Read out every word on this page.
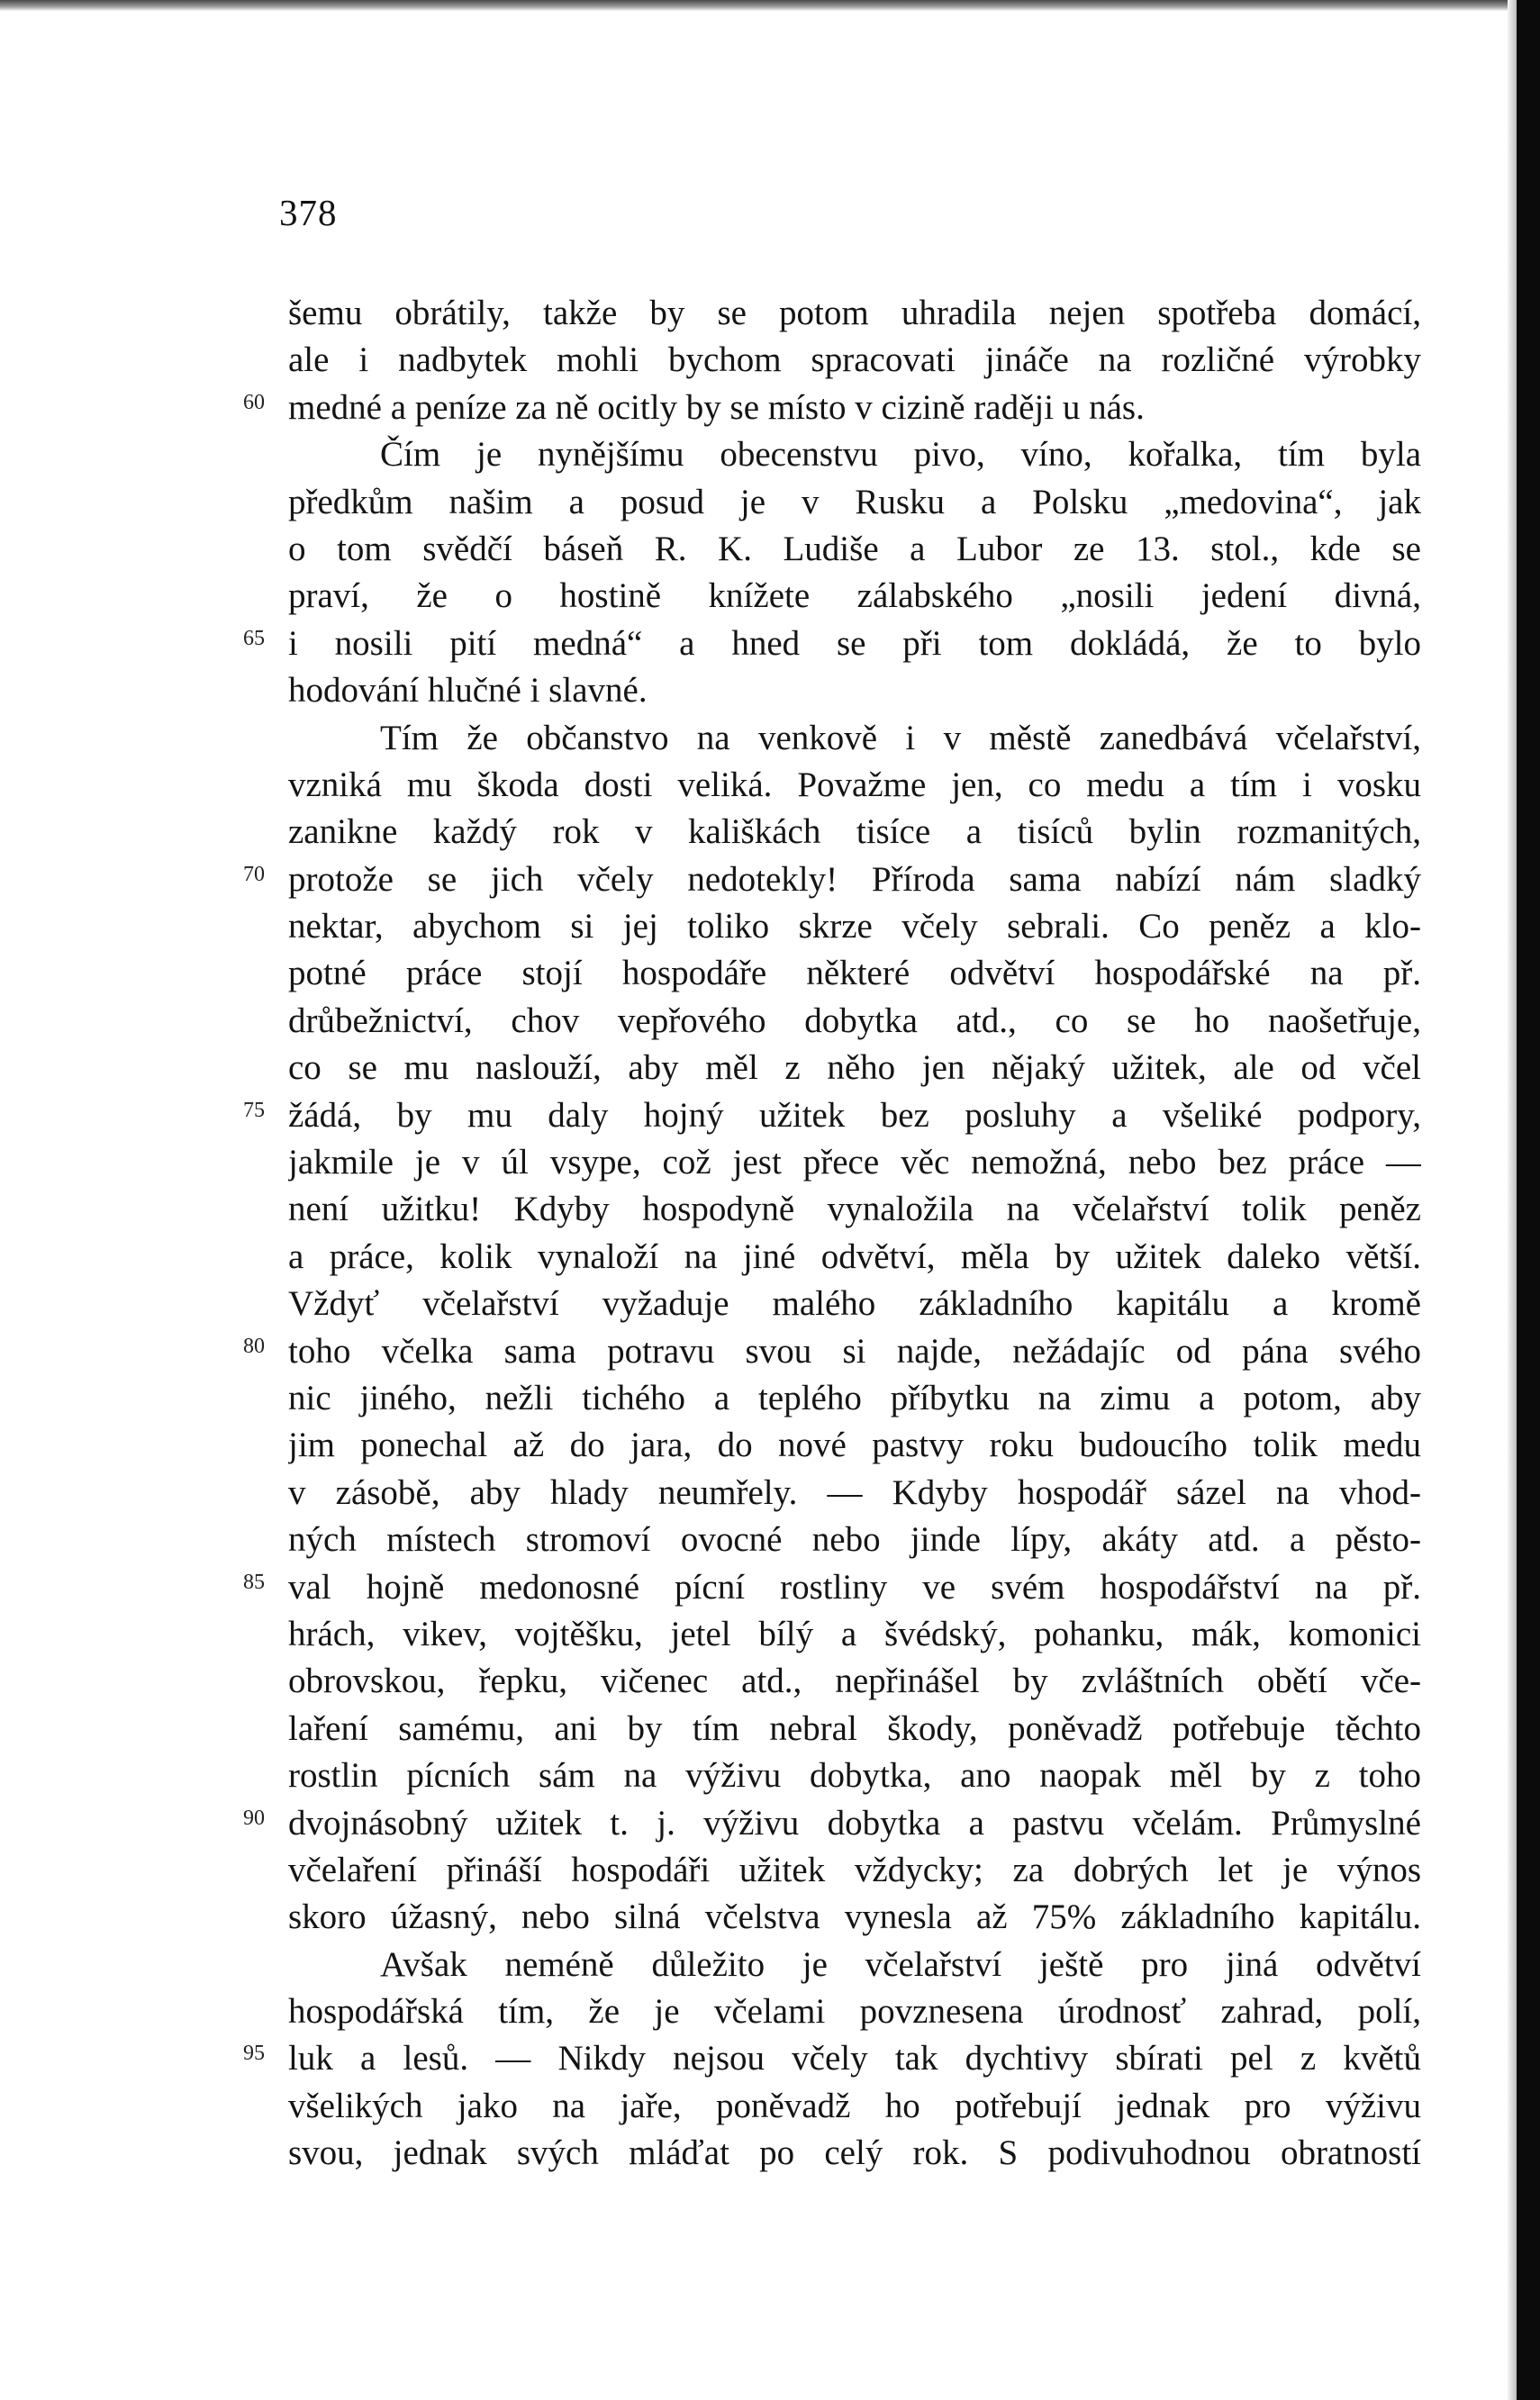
378
šemu obrátily, takže by se potom uhradila nejen spotřeba domácí,
ale i nadbytek mohli bychom spracovati jináče na rozličné výrobky
60 medné a peníze za ně ocitly by se místo v cizině raději u nás.
Čím je nynějšímu obecenstvu pivo, víno, kořalka, tím byla
předkům našim a posud je v Rusku a Polsku „medovina“, jak
o tom svědčí báseň R. K. Ludiše a Lubor ze 13. stol., kde se
praví, že o hostině knížete zálabského „nosili jedení divná,
65 i nosili pití medná“ a hned se při tom dokládá, že to bylo
hodování hlučné i slavné.
Tím že občanstvo na venkově i v městě zanedbává včelařství,
vzniká mu škoda dosti veliká. Považme jen, co medu a tím i vosku
zanikne každý rok v kališkách tisíce a tisíců bylin rozmanitých,
70 protože se jich včely nedotekly! Příroda sama nabízí nám sladký
nektar, abychom si jej toliko skrze včely sebrali. Co peněz a klo-
potné práce stojí hospodáře některé odvětví hospodářské na př.
drůbežnictví, chov vepřového dobytka atd., co se ho naošetřuje,
co se mu naslouží, aby měl z něho jen nějaký užitek, ale od včel
75 žádá, by mu daly hojný užitek bez posluhy a všeliké podpory,
jakmile je v úl vsype, což jest přece věc nemožná, nebo bez práce —
není užitku! Kdyby hospodyně vynaložila na včelařství tolik peněz
a práce, kolik vynaloží na jiné odvětví, měla by užitek daleko větší.
Vždyť včelařství vyžaduje malého základního kapitálu a kromě
80 toho včelka sama potravu svou si najde, nežádajíc od pána svého
nic jiného, nežli tichého a teplého příbytku na zimu a potom, aby
jim ponechal až do jara, do nové pastvy roku budoucího tolik medu
v zásobě, aby hlady neumřely. — Kdyby hospodář sázel na vhod-
ných místech stromoví ovocné nebo jinde lípy, akáty atd. a pěsto-
85 val hojně medonosné pícní rostliny ve svém hospodářství na př.
hrách, vikev, vojtěšku, jetel bílý a švédský, pohanku, mák, komonici
obrovskou, řepku, vičenec atd., nepřinášel by zvláštních obětí vče-
laření samému, ani by tím nebral škody, poněvadž potřebuje těchto
rostlin pícních sám na výživu dobytka, ano naopak měl by z toho
90 dvojnásobný užitek t. j. výživu dobytka a pastvu včelám. Průmyslné
včelaření přináší hospodáři užitek vždycky; za dobrých let je výnos
skoro úžasný, nebo silná včelstva vynesla až 75% základního kapitálu.
Avšak neméně důležito je včelařství ještě pro jiná odvětví
hospodářská tím, že je včelami povznesena úrodnosť zahrad, polí,
95 luk a lesů. — Nikdy nejsou včely tak dychtivy sbírati pel z květů
všelikých jako na jaře, poněvadž ho potřebují jednak pro výživu
svou, jednak svých mláďat po celý rok. S podivuhodnou obratností
